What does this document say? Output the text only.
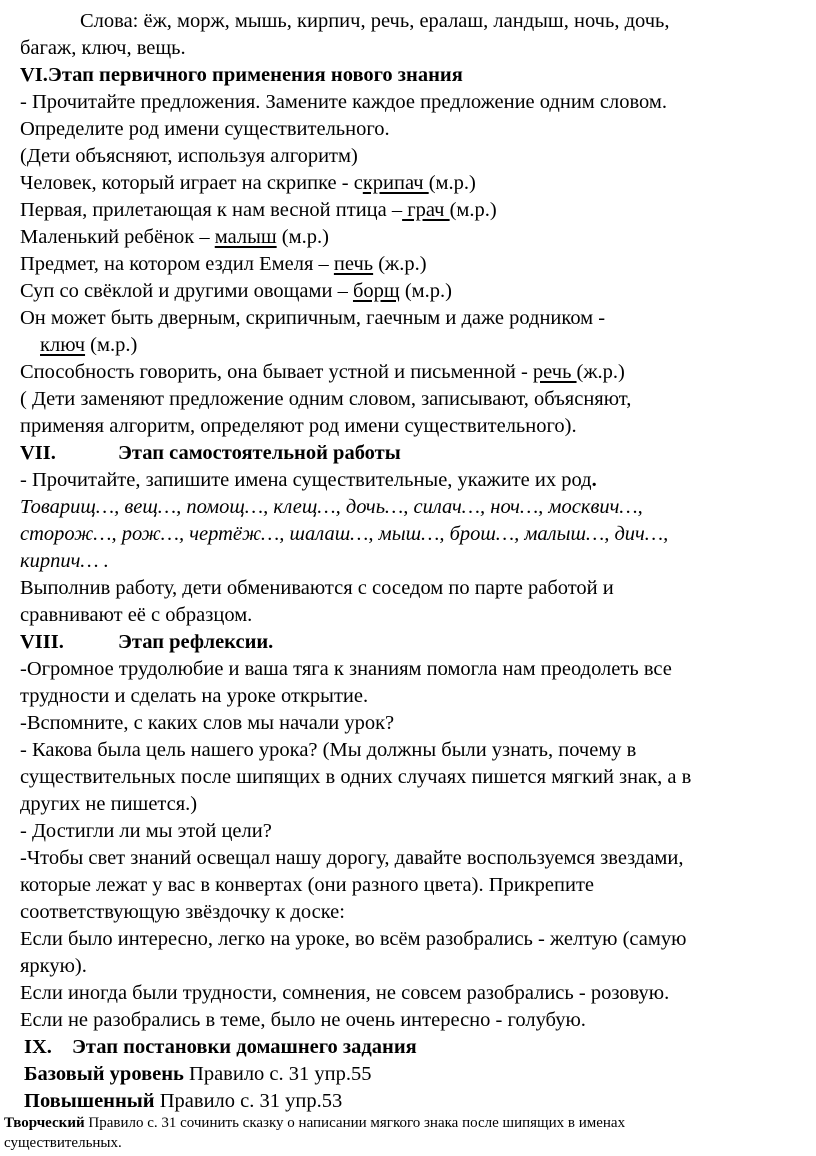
Слова: ёж, морж, мышь, кирпич, речь, ералаш, ландыш, ночь, дочь,
багаж, ключ, вещь.
VI.Этап первичного применения нового знания
- Прочитайте предложения. Замените каждое предложение одним словом.
Определите род имени существительного.
(Дети объясняют, используя алгоритм)
Человек, который играет на скрипке - скрипач (м.р.)
Первая, прилетающая к нам весной птица – грач (м.р.)
Маленький ребёнок – малыш (м.р.)
Предмет, на котором ездил Емеля – печь (ж.р.)
Суп со свёклой и другими овощами – борщ (м.р.)
Он может быть дверным, скрипичным, гаечным и даже родником -
ключ (м.р.)
Способность говорить, она бывает устной и письменной - речь (ж.р.)
( Дети заменяют предложение одним словом, записывают, объясняют,
применяя алгоритм, определяют род имени существительного).
VII.	Этап самостоятельной работы
- Прочитайте, запишите имена существительные, укажите их род.
Товарищ…, вещ…, помощ…, клещ…, дочь…, силач…, ноч…, москвич…,
сторож…, рож…, чертёж…, шалаш…, мыш…, брош…, малыш…, дич…,
кирпич… .
Выполнив работу, дети обмениваются с соседом по парте работой и
сравнивают её с образцом.
VIII.	Этап рефлексии.
-Огромное трудолюбие и ваша тяга к знаниям помогла нам преодолеть все
трудности и сделать на уроке открытие.
-Вспомните, с каких слов мы начали урок?
- Какова была цель нашего урока? (Мы должны были узнать, почему в
существительных после шипящих в одних случаях пишется мягкий знак, а в
других не пишется.)
- Достигли ли мы этой цели?
-Чтобы свет знаний освещал нашу дорогу, давайте воспользуемся звездами,
которые лежат у вас в конвертах (они разного цвета). Прикрепите
соответствующую звёздочку к доске:
Если было интересно, легко на уроке, во всём разобрались - желтую (самую
яркую).
Если иногда были трудности, сомнения, не совсем разобрались - розовую.
Если не разобрались в теме, было не очень интересно - голубую.
IX. Этап постановки домашнего задания
Базовый уровень Правило с. 31 упр.55
Повышенный Правило с. 31 упр.53
Творческий Правило с. 31 сочинить сказку о написании мягкого знака после шипящих в именах
существительных.
